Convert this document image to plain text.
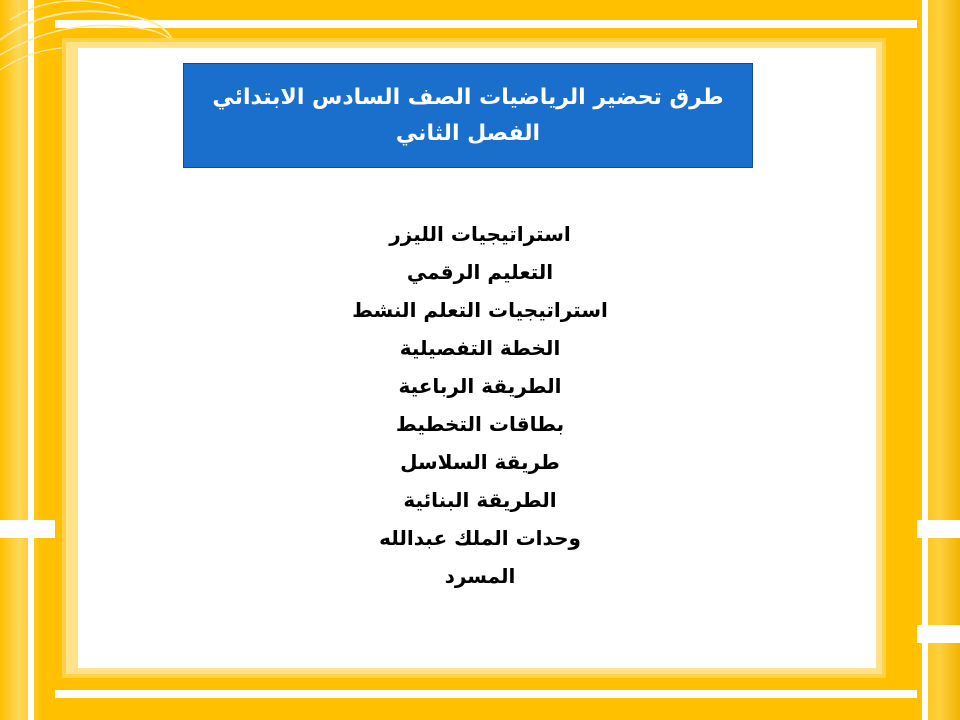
طرق تحضير الرياضيات الصف السادس الابتدائي
الفصل الثاني
استراتيجيات الليزر
التعليم الرقمي
استراتيجيات التعلم النشط
الخطة التفصيلية
الطريقة الرباعية
بطاقات التخطيط
طريقة السلاسل
الطريقة البنائية
وحدات الملك عبدالله
المسرد
